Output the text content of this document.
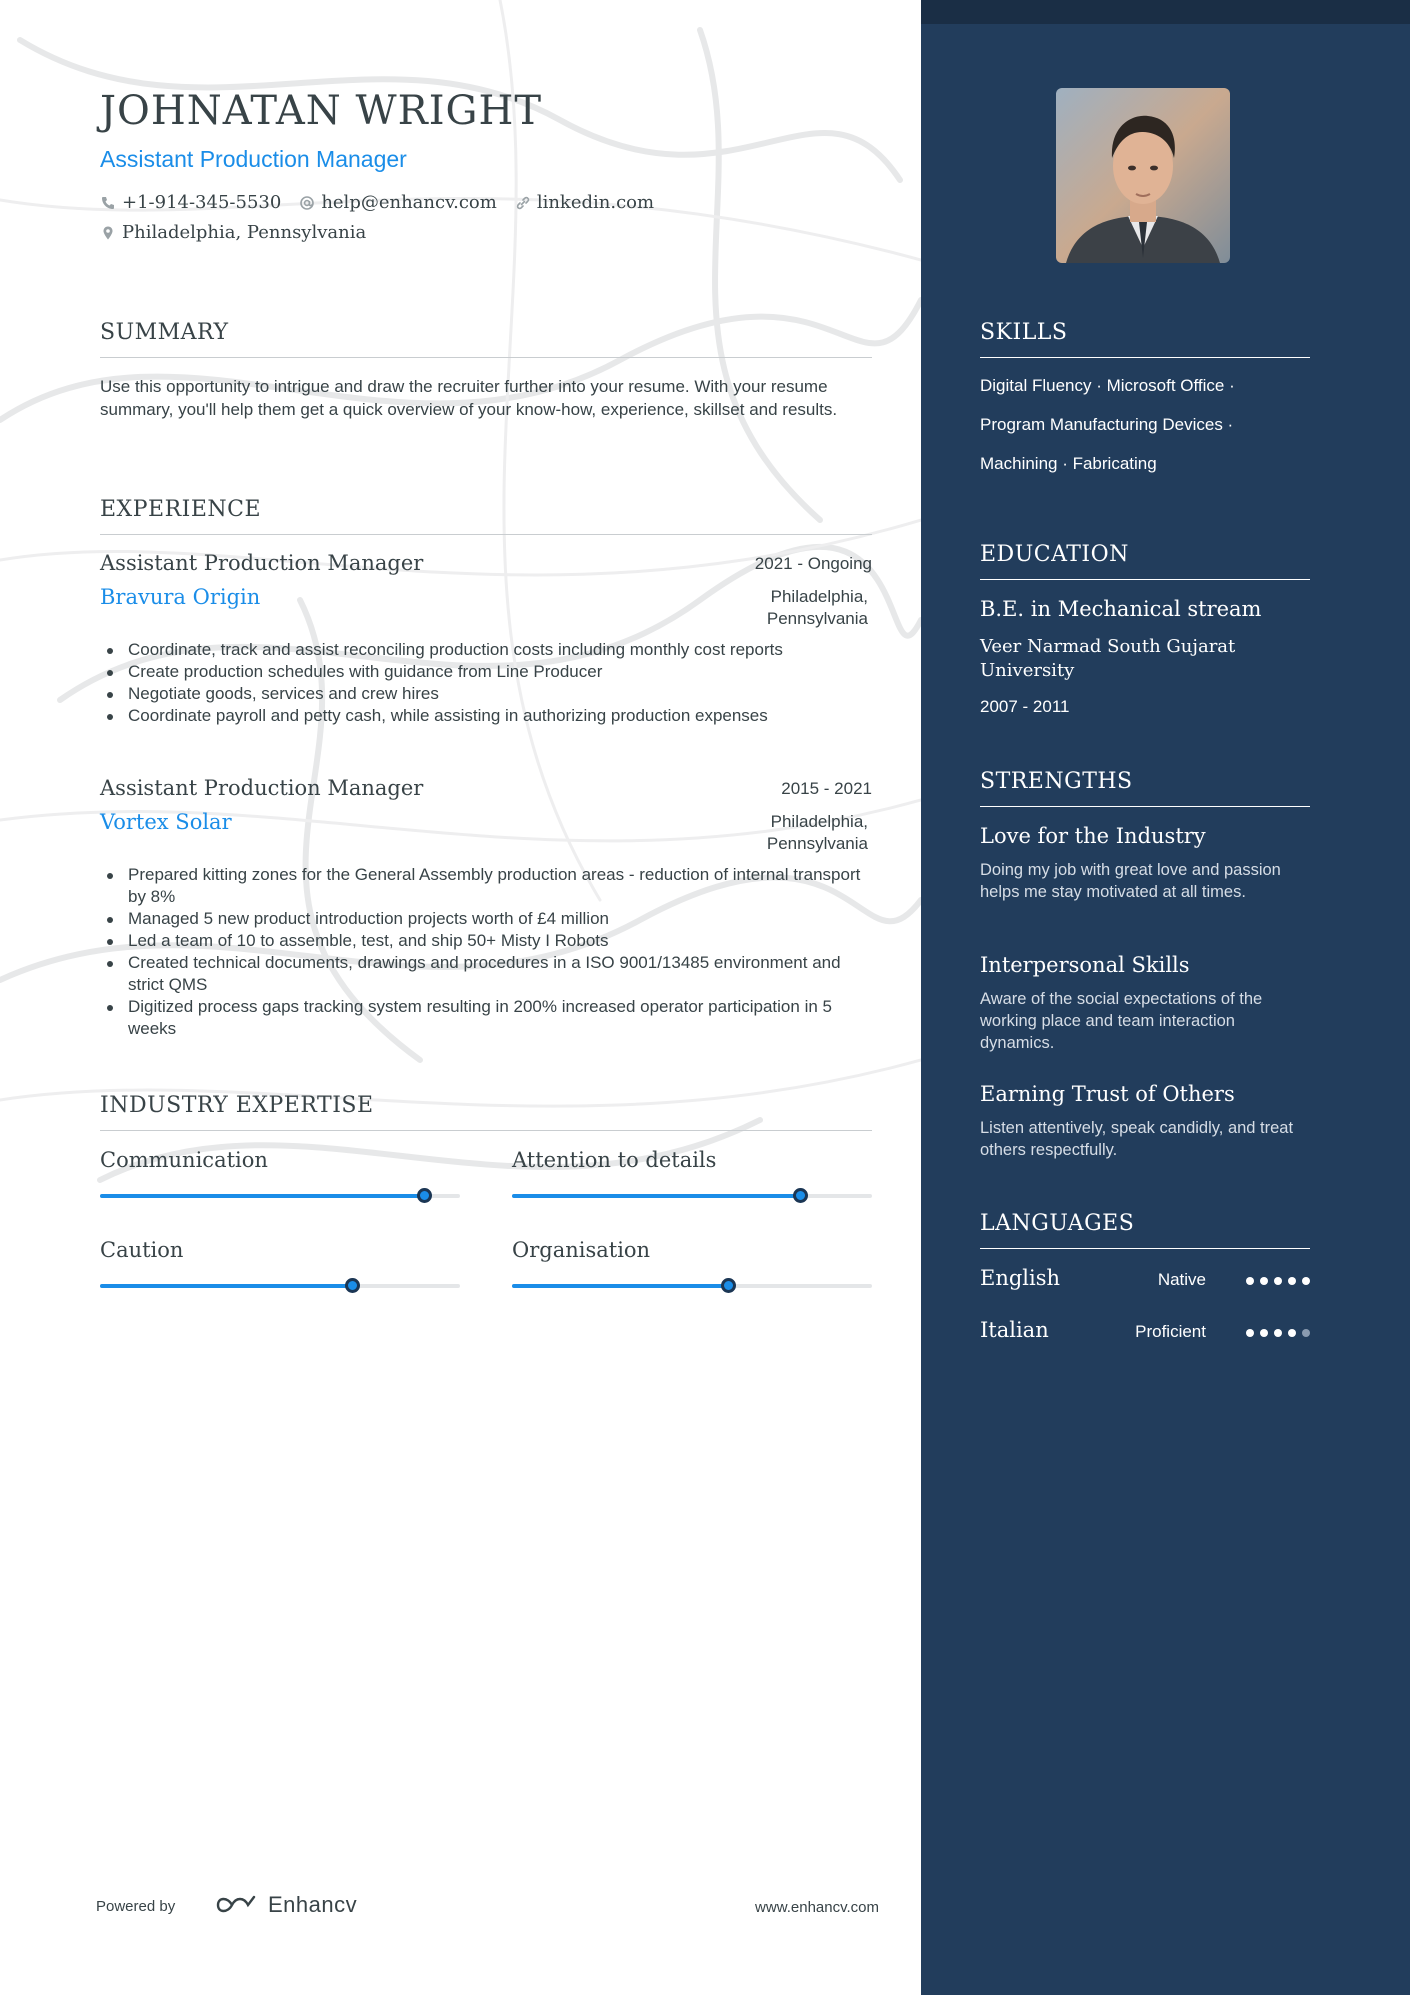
JOHNATAN WRIGHT
Assistant Production Manager
+1-914-345-5530 help@enhancv.com linkedin.com
Philadelphia, Pennsylvania
SUMMARY

Use this opportunity to intrigue and draw the recruiter further into your resume. With your resume summary, you'll help them get a quick overview of your know-how, experience, skillset and results.

EXPERIENCE
Assistant Production Manager	2021 - Ongoing
Bravura Origin	Philadelphia, Pennsylvania
Coordinate, track and assist reconciling production costs including monthly cost reports
Create production schedules with guidance from Line Producer
Negotiate goods, services and crew hires
Coordinate payroll and petty cash, while assisting in authorizing production expenses
Assistant Production Manager	2015 - 2021
Vortex Solar	Philadelphia, Pennsylvania
Prepared kitting zones for the General Assembly production areas - reduction of internal transport by 8%
Managed 5 new product introduction projects worth of £4 million
Led a team of 10 to assemble, test, and ship 50+ Misty I Robots
Created technical documents, drawings and procedures in a ISO 9001/13485 environment and strict QMS
Digitized process gaps tracking system resulting in 200% increased operator participation in 5 weeks
INDUSTRY EXPERTISE
Communication	Attention to details
Caution	Organisation
Powered by	Enhancv	www.enhancv.com
SKILLS
Digital Fluency · Microsoft Office ·
Program Manufacturing Devices ·
Machining · Fabricating
EDUCATION
B.E. in Mechanical stream
Veer Narmad South Gujarat University
2007 - 2011
STRENGTHS
Love for the Industry
Doing my job with great love and passion helps me stay motivated at all times.
Interpersonal Skills
Aware of the social expectations of the working place and team interaction dynamics.
Earning Trust of Others
Listen attentively, speak candidly, and treat others respectfully.
LANGUAGES
English	Native
Italian	Proficient
